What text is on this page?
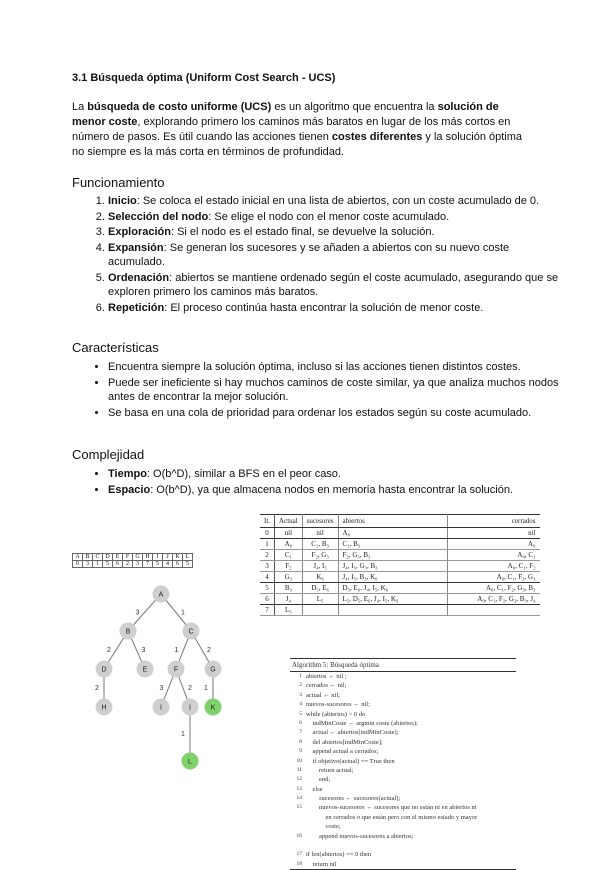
3.1 Búsqueda óptima (Uniform Cost Search - UCS)
La búsqueda de costo uniforme (UCS) es un algoritmo que encuentra la solución de menor coste, explorando primero los caminos más baratos en lugar de los más cortos en número de pasos. Es útil cuando las acciones tienen costes diferentes y la solución óptima no siempre es la más corta en términos de profundidad.
Funcionamiento
1. Inicio: Se coloca el estado inicial en una lista de abiertos, con un coste acumulado de 0.
2. Selección del nodo: Se elige el nodo con el menor coste acumulado.
3. Exploración: Si el nodo es el estado final, se devuelve la solución.
4. Expansión: Se generan los sucesores y se añaden a abiertos con su nuevo coste acumulado.
5. Ordenación: abiertos se mantiene ordenado según el coste acumulado, asegurando que se exploren primero los caminos más baratos.
6. Repetición: El proceso continúa hasta encontrar la solución de menor coste.
Características
• Encuentra siempre la solución óptima, incluso si las acciones tienen distintos costes.
• Puede ser ineficiente si hay muchos caminos de coste similar, ya que analiza muchos nodos antes de encontrar la mejor solución.
• Se basa en una cola de prioridad para ordenar los estados según su coste acumulado.
Complejidad
• Tiempo: O(b^D), similar a BFS en el peor caso.
• Espacio: O(b^D), ya que almacena nodos en memoria hasta encontrar la solución.
A	B	C	D	E	F	G	H	I	J	K	L
0	3	1	5	6	2	3	7	5	4	6	5
3	1
2	3	1	2
2	3	2 1
1
A
B	C
D	E	F	G
H	I	I	K
L
It.	Actual	sucesores	abiertos	cerrados
0	nil	nil	A₀	nil
1	A₀	C₁, B₃	C₁, B₃	A₀
2	C₁	F₂, G₃	F₂, G₃, B₃	A₀, C₁
3	F₂	J₄, I₅	J₄, I₅, G₃, B₃	A₀, C₁, F₂
4	G₃	K₆	J₄, I₅, B₃, K₆	A₀, C₁, F₂, G₃
5	B₃	D₅, E₆	D₅, E₆, J₄, I₅, K₆	A₀, C₁, F₂, G₃, B₃
6	J₄	L₅	L₅, D₅, E₆, J₄, I₅, K₆	A₀, C₁, F₂, G₃, B₃, J₄
7	L₅			
Algorithm 5: Búsqueda óptima
1 abiertos ← nil ;
2 cerrados ← nil;
3 actual ← nil;
4 nuevos-sucesores ← nil;
5 while (abiertos) > 0 do
6 indMinCoste ← argmin coste (abiertos);
7 actual ← abiertos[indMinCoste];
8 del abiertos[indMinCoste];
9 append actual a cerrados;
10 if objetivo(actual) == True then
11 return actual;
12 end;
13 else
14 sucesores ← sucesores(actual);
15 nuevos-sucesores ← sucesores que no están ni en abiertos ni
en cerrados o que están pero con el mismo estado y mayor
coste;
16 append nuevos-sucesores a abiertos;
17 if len(abiertos) == 0 then
18 return nil
